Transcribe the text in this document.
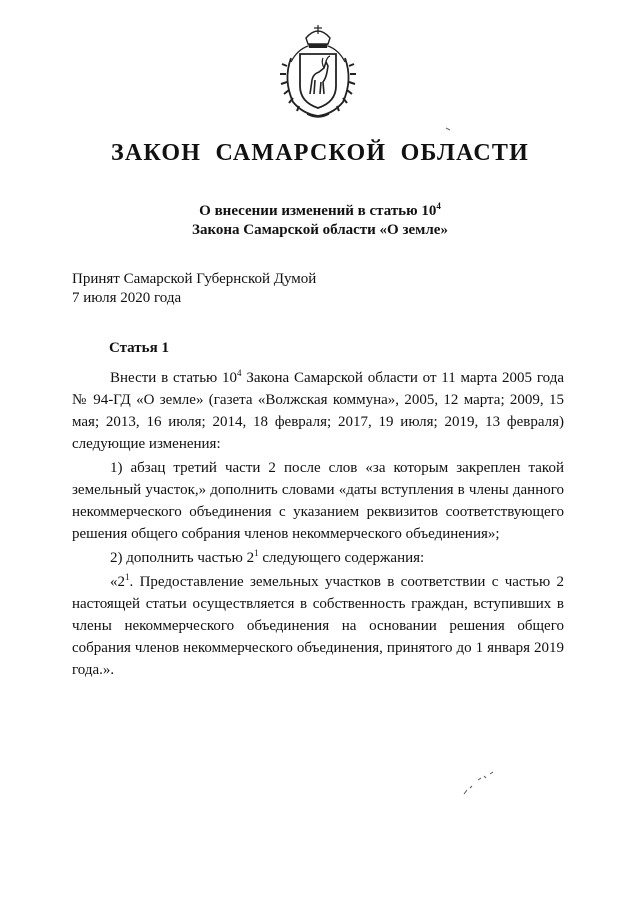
ЗАКОН  САМАРСКОЙ  ОБЛАСТИ
О внесении изменений в статью $10^4$
Закона Самарской области «О земле»
Принят Самарской Губернской Думой
7 июля 2020 года
Статья 1

Внести в статью $10^4$ Закона Самарской области от 11 марта 2005 года № 94-ГД «О земле» (газета «Волжская коммуна», 2005, 12 марта; 2009, 15 мая; 2013, 16 июля; 2014, 18 февраля; 2017, 19 июля; 2019, 13 февраля) следующие изменения:

1) абзац третий части 2 после слов «за которым закреплен такой земельный участок,» дополнить словами «даты вступления в члены данного некоммерческого объединения с указанием реквизитов соответствующего решения общего собрания членов некоммерческого объединения»;

2) дополнить частью $2^1$ следующего содержания:

«$2^1$. Предоставление земельных участков в соответствии с частью 2 настоящей статьи осуществляется в собственность граждан, вступивших в члены некоммерческого объединения на основании решения общего собрания членов некоммерческого объединения, принятого до 1 января 2019 года.».
